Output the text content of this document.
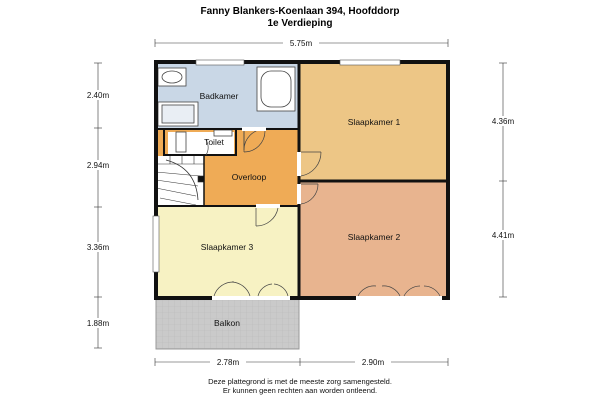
Fanny Blankers-Koenlaan 394, Hoofddorp
1e Verdieping
5.75m
2.40m
2.94m
3.36m
1.88m
4.36m
4.41m
2.78m	2.90m
Badkamer
Toilet
Overloop
Slaapkamer 1
Slaapkamer 2
Slaapkamer 3
Balkon
Deze plattegrond is met de meeste zorg samengesteld.
Er kunnen geen rechten aan worden ontleend.
